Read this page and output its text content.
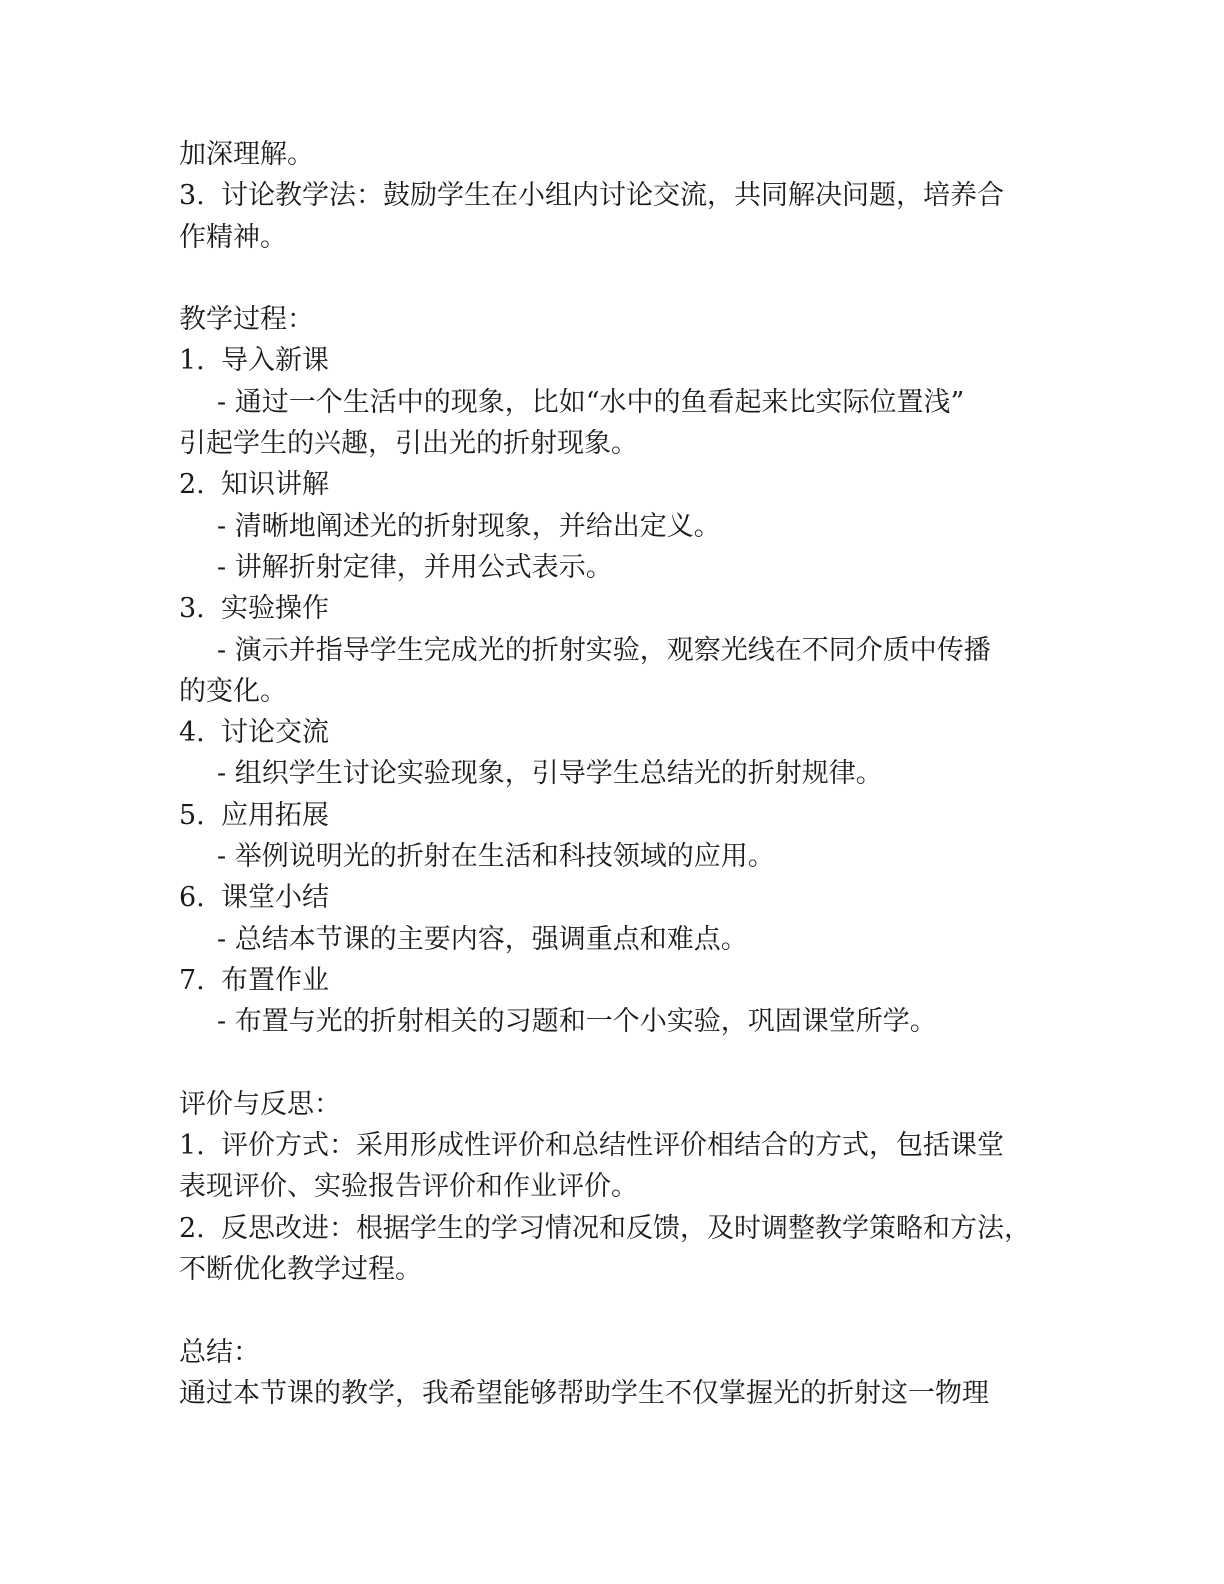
加深理解。
3. 讨论教学法：鼓励学生在小组内讨论交流，共同解决问题，培养合
作精神。
教学过程：
1. 导入新课
- 通过一个生活中的现象，比如“水中的鱼看起来比实际位置浅”
引起学生的兴趣，引出光的折射现象。
2. 知识讲解
- 清晰地阐述光的折射现象，并给出定义。
- 讲解折射定律，并用公式表示。
3. 实验操作
- 演示并指导学生完成光的折射实验，观察光线在不同介质中传播
的变化。
4. 讨论交流
- 组织学生讨论实验现象，引导学生总结光的折射规律。
5. 应用拓展
- 举例说明光的折射在生活和科技领域的应用。
6. 课堂小结
- 总结本节课的主要内容，强调重点和难点。
7. 布置作业
- 布置与光的折射相关的习题和一个小实验，巩固课堂所学。
评价与反思：
1. 评价方式：采用形成性评价和总结性评价相结合的方式，包括课堂
表现评价、实验报告评价和作业评价。
2. 反思改进：根据学生的学习情况和反馈，及时调整教学策略和方法，
不断优化教学过程。
总结：
通过本节课的教学，我希望能够帮助学生不仅掌握光的折射这一物理
